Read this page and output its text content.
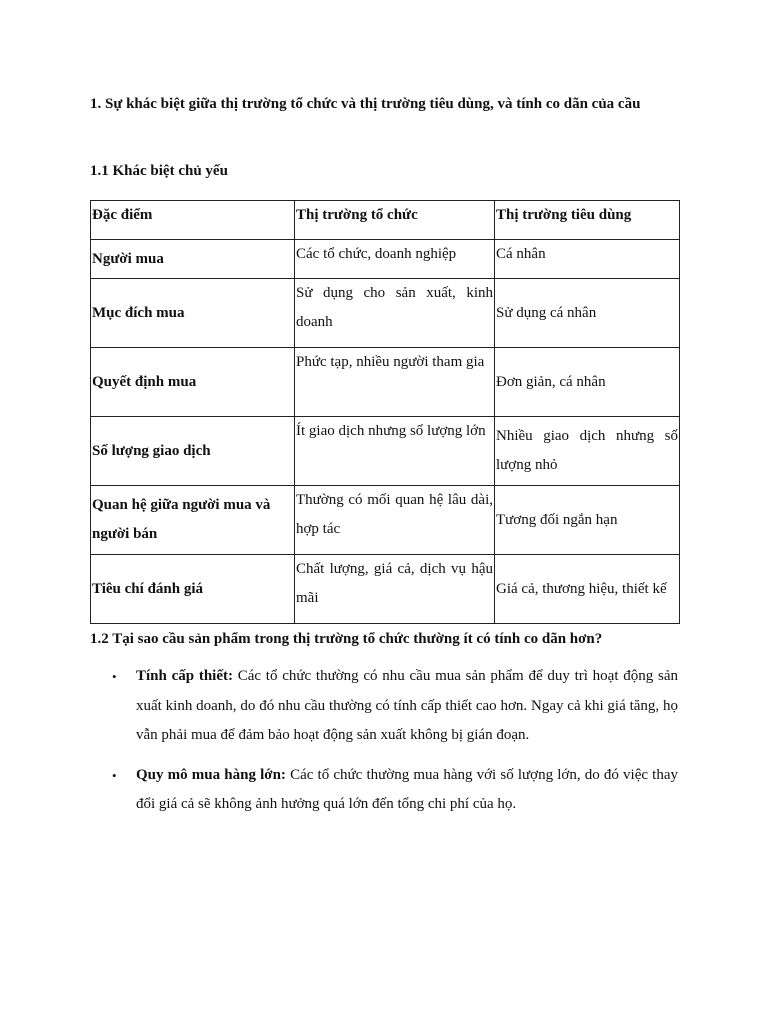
1. Sự khác biệt giữa thị trường tổ chức và thị trường tiêu dùng, và tính co dãn của cầu

1.1 Khác biệt chủ yếu

Đặc điểm	Thị trường tổ chức	Thị trường tiêu dùng
Người mua	Các tổ chức, doanh nghiệp	Cá nhân
Mục đích mua	Sử dụng cho sản xuất, kinh doanh	Sử dụng cá nhân
Quyết định mua	Phức tạp, nhiều người tham gia	Đơn giản, cá nhân
Số lượng giao dịch	Ít giao dịch nhưng số lượng lớn	Nhiều giao dịch nhưng số lượng nhỏ
Quan hệ giữa người mua và người bán	Thường có mối quan hệ lâu dài, hợp tác	Tương đối ngắn hạn
Tiêu chí đánh giá	Chất lượng, giá cả, dịch vụ hậu mãi	Giá cả, thương hiệu, thiết kế

1.2 Tại sao cầu sản phẩm trong thị trường tổ chức thường ít có tính co dãn hơn?

• Tính cấp thiết: Các tổ chức thường có nhu cầu mua sản phẩm để duy trì hoạt động sản xuất kinh doanh, do đó nhu cầu thường có tính cấp thiết cao hơn. Ngay cả khi giá tăng, họ vẫn phải mua để đảm bảo hoạt động sản xuất không bị gián đoạn.
• Quy mô mua hàng lớn: Các tổ chức thường mua hàng với số lượng lớn, do đó việc thay đổi giá cả sẽ không ảnh hưởng quá lớn đến tổng chi phí của họ.
